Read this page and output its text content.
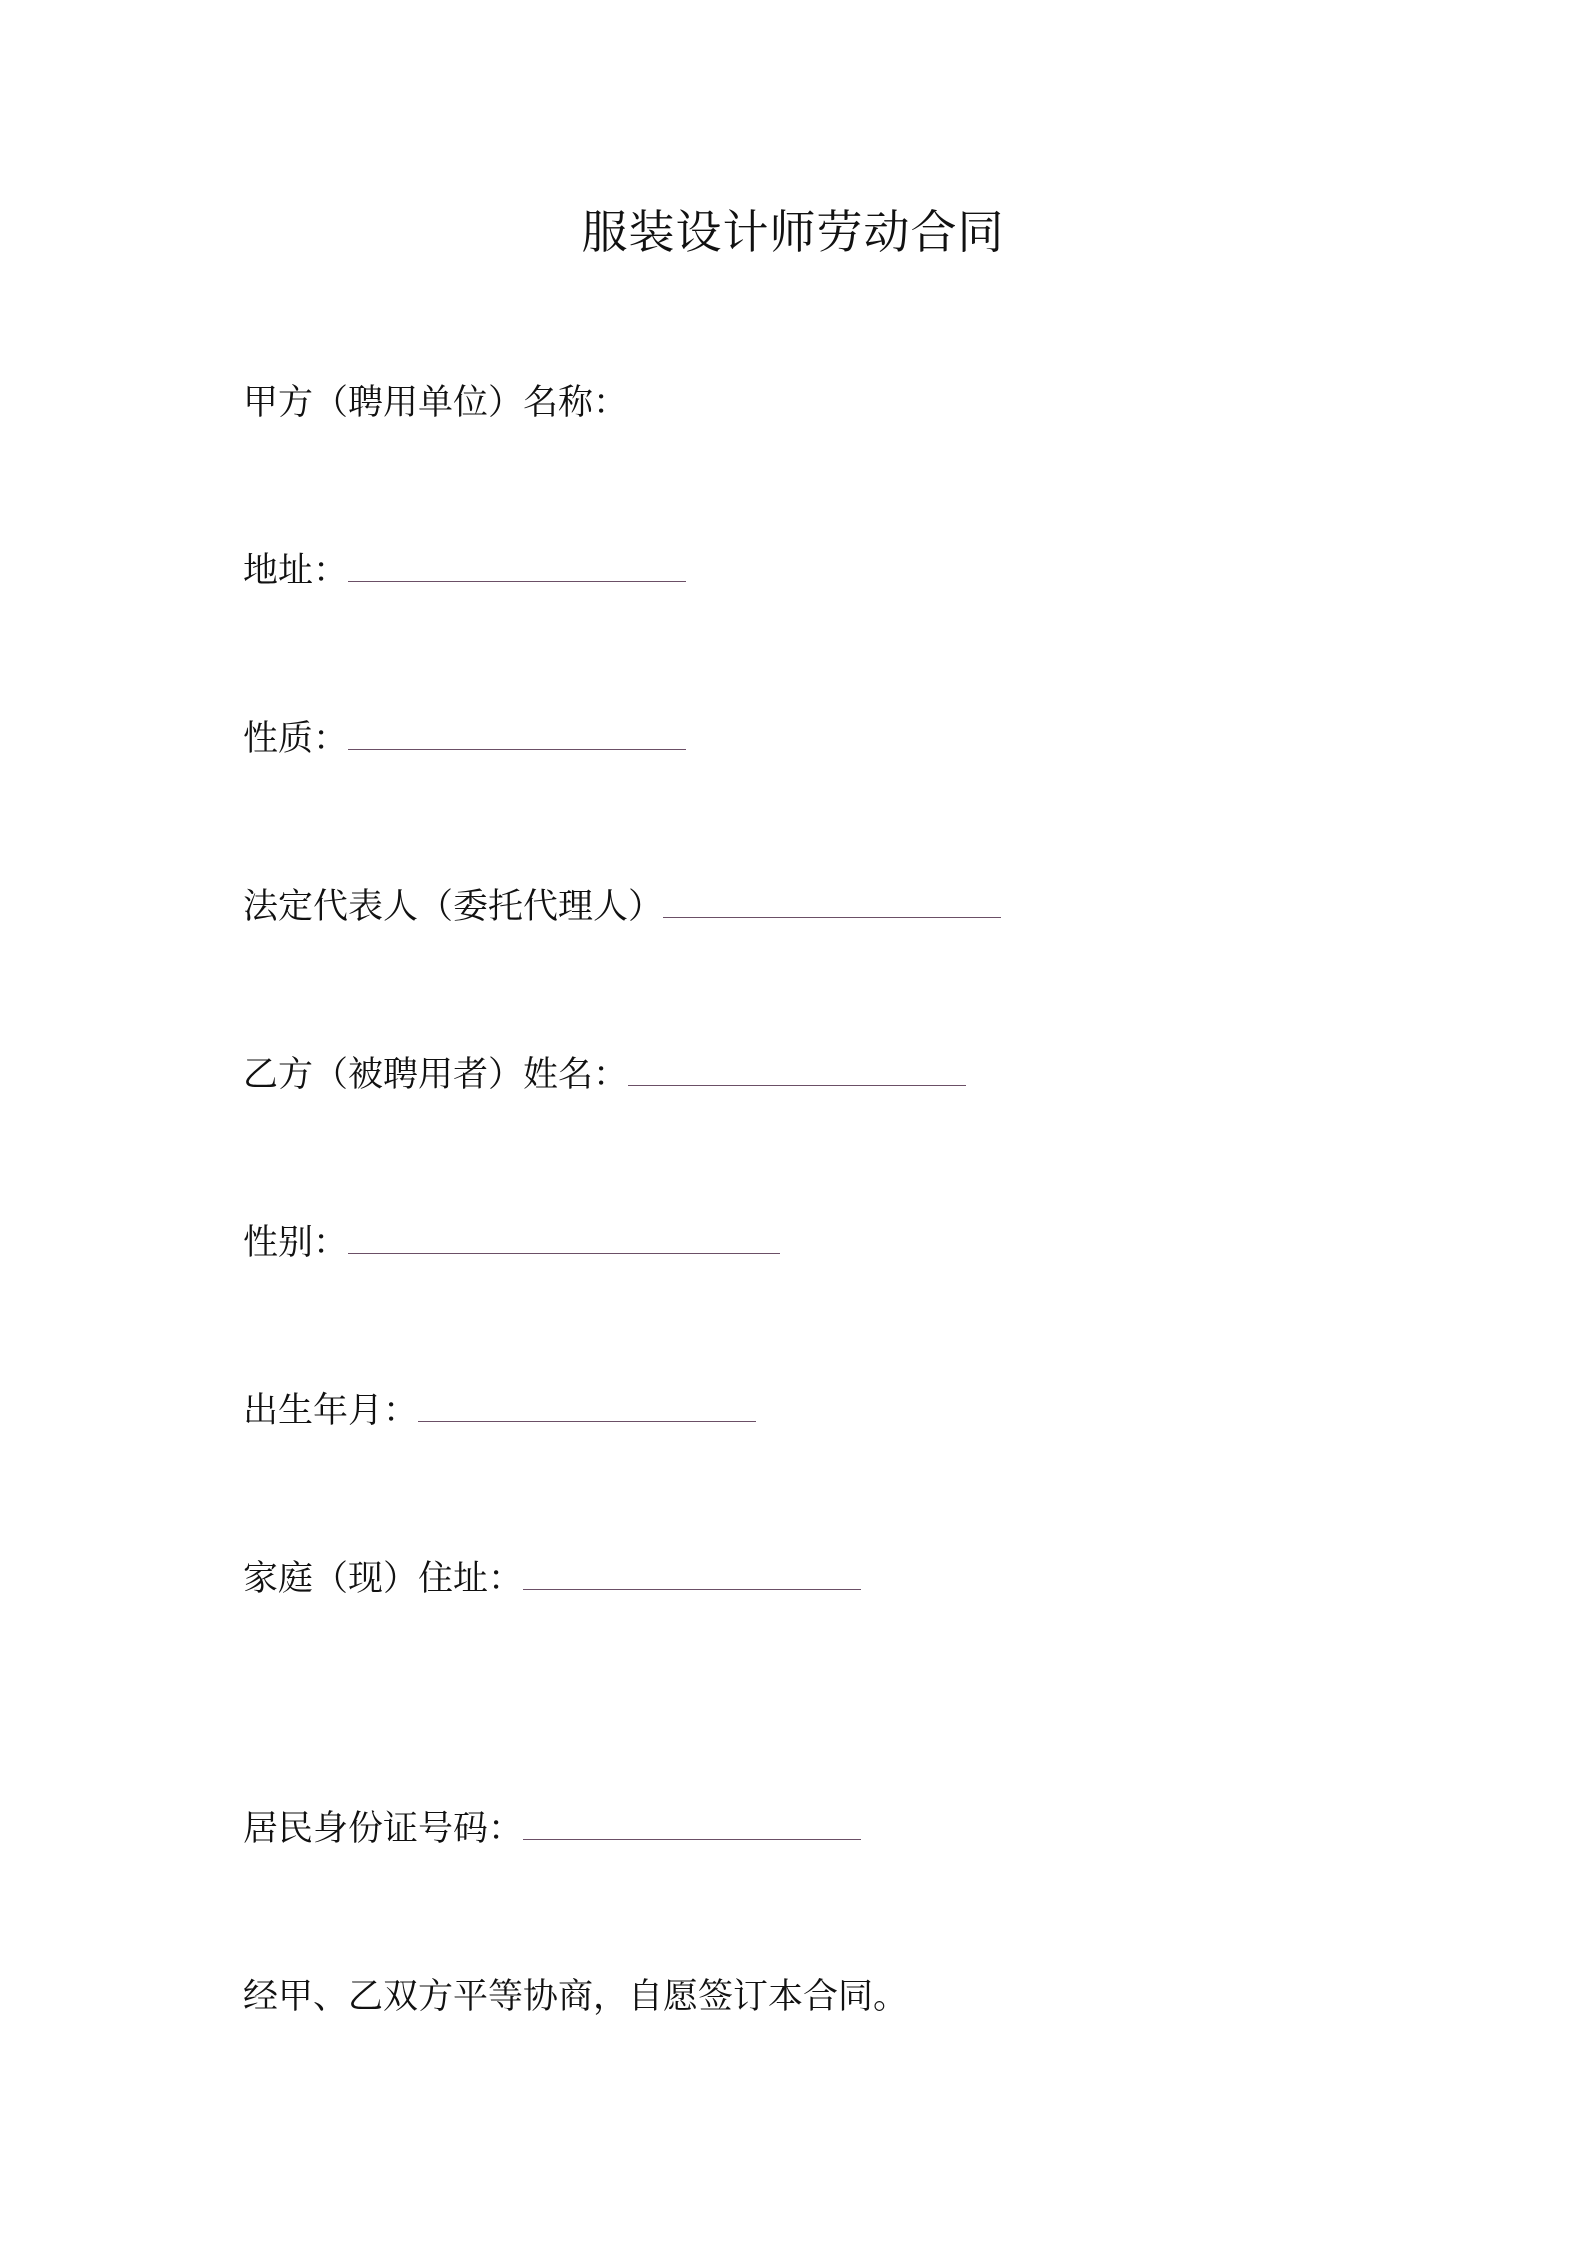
服装设计师劳动合同
甲方（聘用单位）名称：
地址：
性质：
法定代表人（委托代理人）
乙方（被聘用者）姓名：
性别：
出生年月：
家庭（现）住址：
居民身份证号码：
经甲、乙双方平等协商，自愿签订本合同。
